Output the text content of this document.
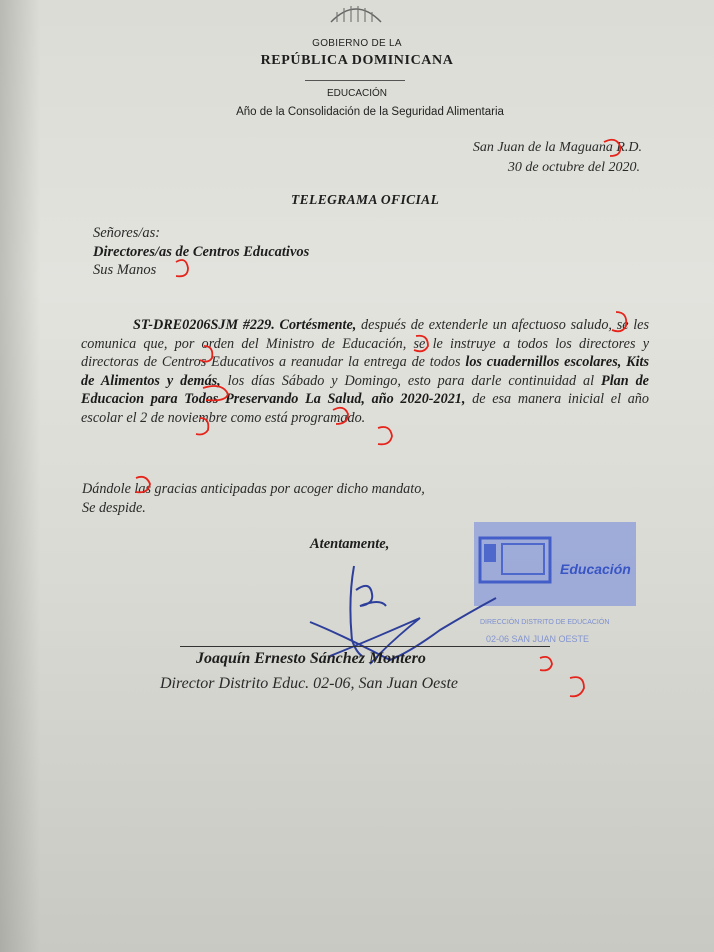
GOBIERNO DE LA
REPÚBLICA DOMINICANA
EDUCACIÓN
Año de la Consolidación de la Seguridad Alimentaria
San Juan de la Maguana R.D.
30 de octubre del 2020.
TELEGRAMA OFICIAL
Señores/as:
Directores/as de Centros Educativos
Sus Manos
ST-DRE0206SJM #229. Cortésmente, después de extenderle un afectuoso saludo, se les comunica que, por orden del Ministro de Educación, se le instruye a todos los directores y directoras de Centros Educativos a reanudar la entrega de todos los cuadernillos escolares, Kits de Alimentos y demás, los días Sábado y Domingo, esto para darle continuidad al Plan de Educacion para Todos Preservando La Salud, año 2020-2021, de esa manera inicial el año escolar el 2 de noviembre como está programado.
Dándole las gracias anticipadas por acoger dicho mandato,
Se despide.
Atentamente,
Educación
DIRECCIÓN DISTRITO DE EDUCACIÓN
02-06 SAN JUAN OESTE
Joaquín Ernesto Sánchez Montero
Director Distrito Educ. 02-06, San Juan Oeste
